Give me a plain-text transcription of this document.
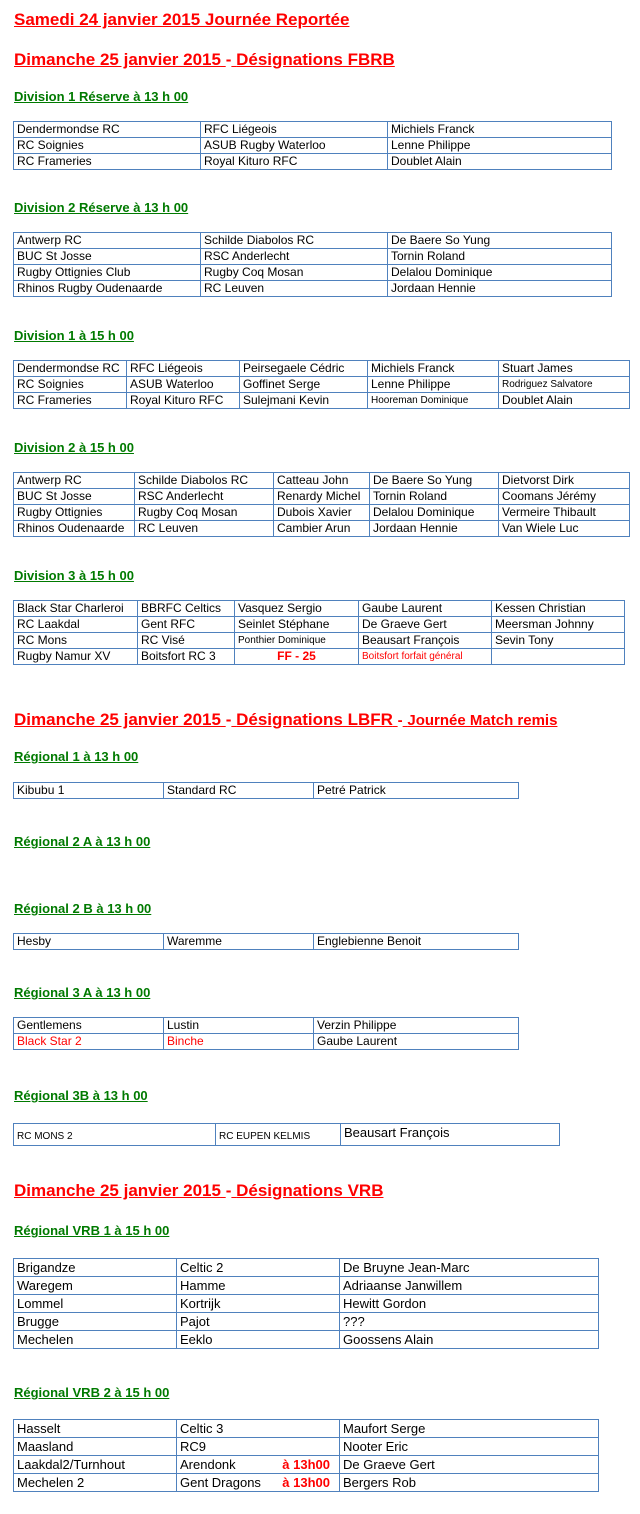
Samedi 24 janvier 2015 Journée Reportée
Dimanche 25 janvier 2015 - Désignations FBRB
Division 1 Réserve à 13 h 00
Dendermondse RC	RFC Liégeois	Michiels Franck
RC Soignies	ASUB Rugby Waterloo	Lenne Philippe
RC Frameries	Royal Kituro RFC	Doublet Alain
Division 2 Réserve à 13 h 00
Antwerp RC	Schilde Diabolos RC	De Baere So Yung
BUC St Josse	RSC Anderlecht	Tornin Roland
Rugby Ottignies Club	Rugby Coq Mosan	Delalou Dominique
Rhinos Rugby Oudenaarde	RC Leuven	Jordaan Hennie
Division 1 à 15 h 00
Dendermondse RC	RFC Liégeois	Peirsegaele Cédric	Michiels Franck	Stuart James
RC Soignies	ASUB Waterloo	Goffinet Serge	Lenne Philippe	Rodriguez Salvatore
RC Frameries	Royal Kituro RFC	Sulejmani Kevin	Hooreman Dominique	Doublet Alain
Division 2 à 15 h 00
Antwerp RC	Schilde Diabolos RC	Catteau John	De Baere So Yung	Dietvorst Dirk
BUC St Josse	RSC Anderlecht	Renardy Michel	Tornin Roland	Coomans Jérémy
Rugby Ottignies	Rugby Coq Mosan	Dubois Xavier	Delalou Dominique	Vermeire Thibault
Rhinos Oudenaarde	RC Leuven	Cambier Arun	Jordaan Hennie	Van Wiele Luc
Division 3 à 15 h 00
Black Star Charleroi	BBRFC Celtics	Vasquez Sergio	Gaube Laurent	Kessen Christian
RC Laakdal	Gent RFC	Seinlet Stéphane	De Graeve Gert	Meersman Johnny
RC Mons	RC Visé	Ponthier Dominique	Beausart François	Sevin Tony
Rugby Namur XV	Boitsfort RC 3	FF - 25	Boitsfort forfait général	
Dimanche 25 janvier 2015 - Désignations LBFR - Journée Match remis
Régional 1 à 13 h 00
Kibubu 1	Standard RC	Petré Patrick
Régional 2 A à 13 h 00
Régional 2 B à 13 h 00
Hesby	Waremme	Englebienne Benoit
Régional 3 A à 13 h 00
Gentlemens	Lustin	Verzin Philippe
Black Star 2	Binche	Gaube Laurent
Régional 3B à 13 h 00
RC MONS 2	RC EUPEN KELMIS	Beausart François
Dimanche 25 janvier 2015 - Désignations VRB
Régional VRB 1 à 15 h 00
Brigandze	Celtic 2	De Bruyne Jean-Marc
Waregem	Hamme	Adriaanse Janwillem
Lommel	Kortrijk	Hewitt Gordon
Brugge	Pajot	???
Mechelen	Eeklo	Goossens Alain
Régional VRB 2 à 15 h 00
Hasselt	Celtic 3	Maufort Serge
Maasland	RC9	Nooter Eric
Laakdal2/Turnhout	Arendonk à 13h00	De Graeve Gert
Mechelen 2	Gent Dragons à 13h00	Bergers Rob
